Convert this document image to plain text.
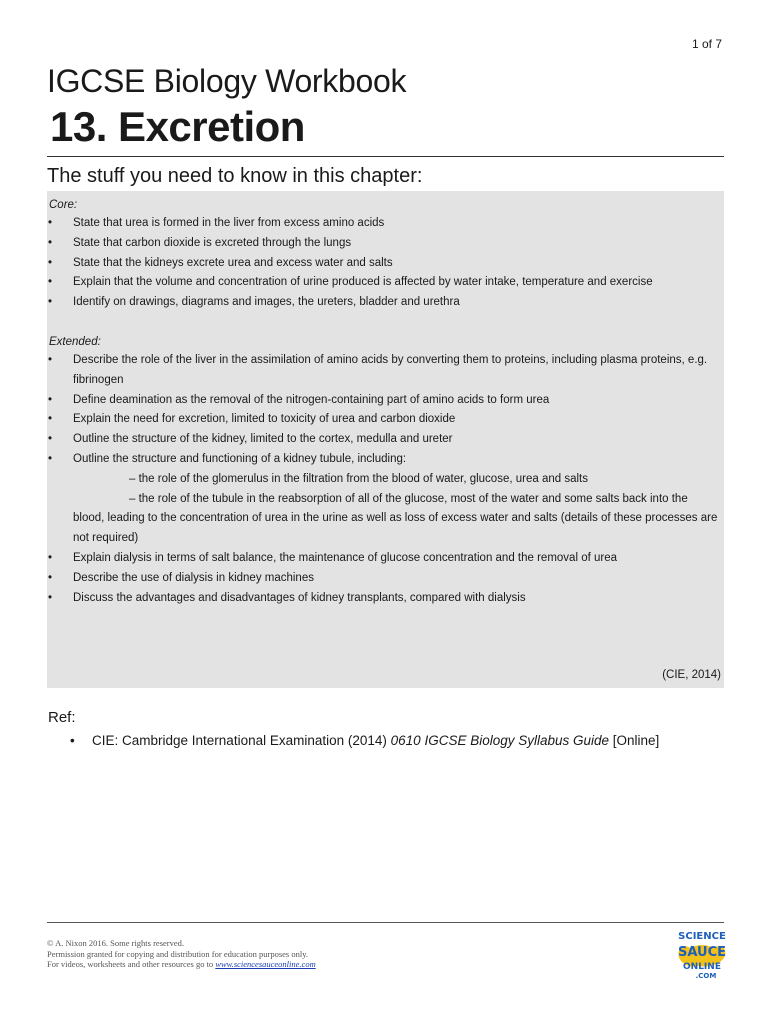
1 of 7
IGCSE Biology Workbook
13. Excretion
The stuff you need to know in this chapter:
Core:
• State that urea is formed in the liver from excess amino acids
• State that carbon dioxide is excreted through the lungs
• State that the kidneys excrete urea and excess water and salts
• Explain that the volume and concentration of urine produced is affected by water intake, temperature and exercise
• Identify on drawings, diagrams and images, the ureters, bladder and urethra
Extended:
• Describe the role of the liver in the assimilation of amino acids by converting them to proteins, including plasma proteins, e.g. fibrinogen
• Define deamination as the removal of the nitrogen-containing part of amino acids to form urea
• Explain the need for excretion, limited to toxicity of urea and carbon dioxide
• Outline the structure of the kidney, limited to the cortex, medulla and ureter
• Outline the structure and functioning of a kidney tubule, including:
– the role of the glomerulus in the filtration from the blood of water, glucose, urea and salts
– the role of the tubule in the reabsorption of all of the glucose, most of the water and some salts back into the blood, leading to the concentration of urea in the urine as well as loss of excess water and salts (details of these processes are not required)
• Explain dialysis in terms of salt balance, the maintenance of glucose concentration and the removal of urea
• Describe the use of dialysis in kidney machines
• Discuss the advantages and disadvantages of kidney transplants, compared with dialysis
(CIE, 2014)
Ref:
• CIE: Cambridge International Examination (2014) 0610 IGCSE Biology Syllabus Guide [Online]
© A. Nixon 2016. Some rights reserved.
Permission granted for copying and distribution for education purposes only.
For videos, worksheets and other resources go to www.sciencesauceonline.com
SCIENCE
SAUCE
ONLINE
.COM
